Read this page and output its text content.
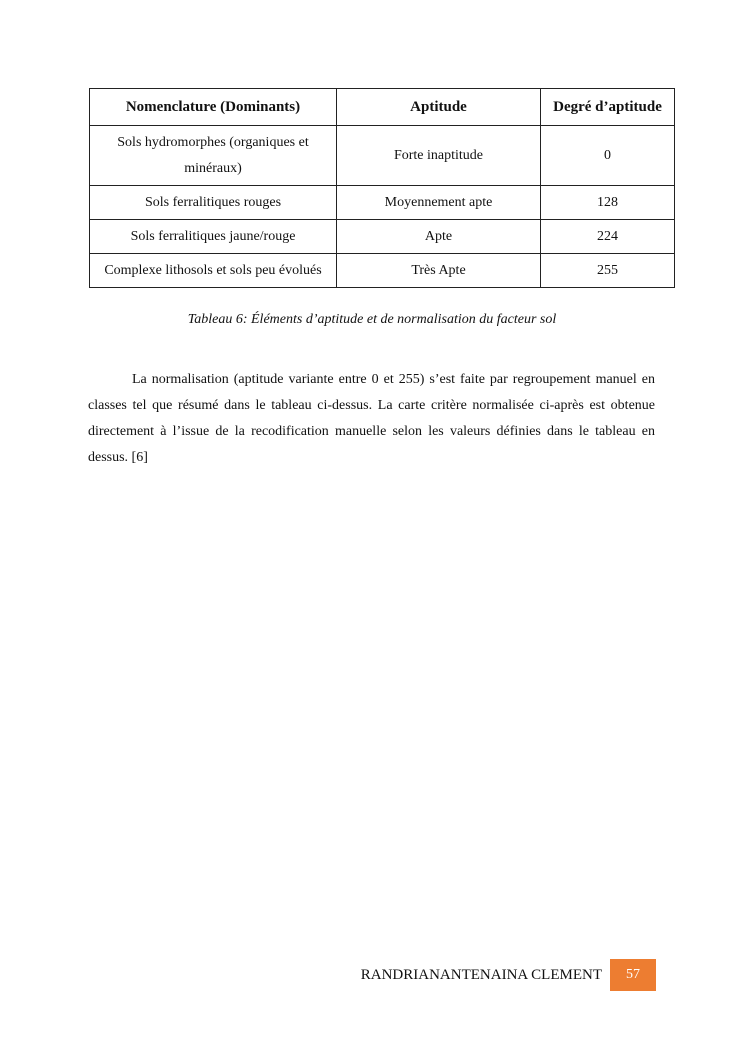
Nomenclature (Dominants)	Aptitude	Degré d’aptitude
Sols hydromorphes (organiques et minéraux)	Forte inaptitude	0
Sols ferralitiques rouges	Moyennement apte	128
Sols ferralitiques jaune/rouge	Apte	224
Complexe lithosols et sols peu évolués	Très Apte	255
Tableau 6: Éléments d’aptitude et de normalisation du facteur sol

La normalisation (aptitude variante entre 0 et 255) s’est faite par regroupement manuel en classes tel que résumé dans le tableau ci-dessus. La carte critère normalisée ci-après est obtenue directement à l’issue de la recodification manuelle selon les valeurs définies dans le tableau en dessus. [6]

RANDRIANANTENAINA CLEMENT	57
